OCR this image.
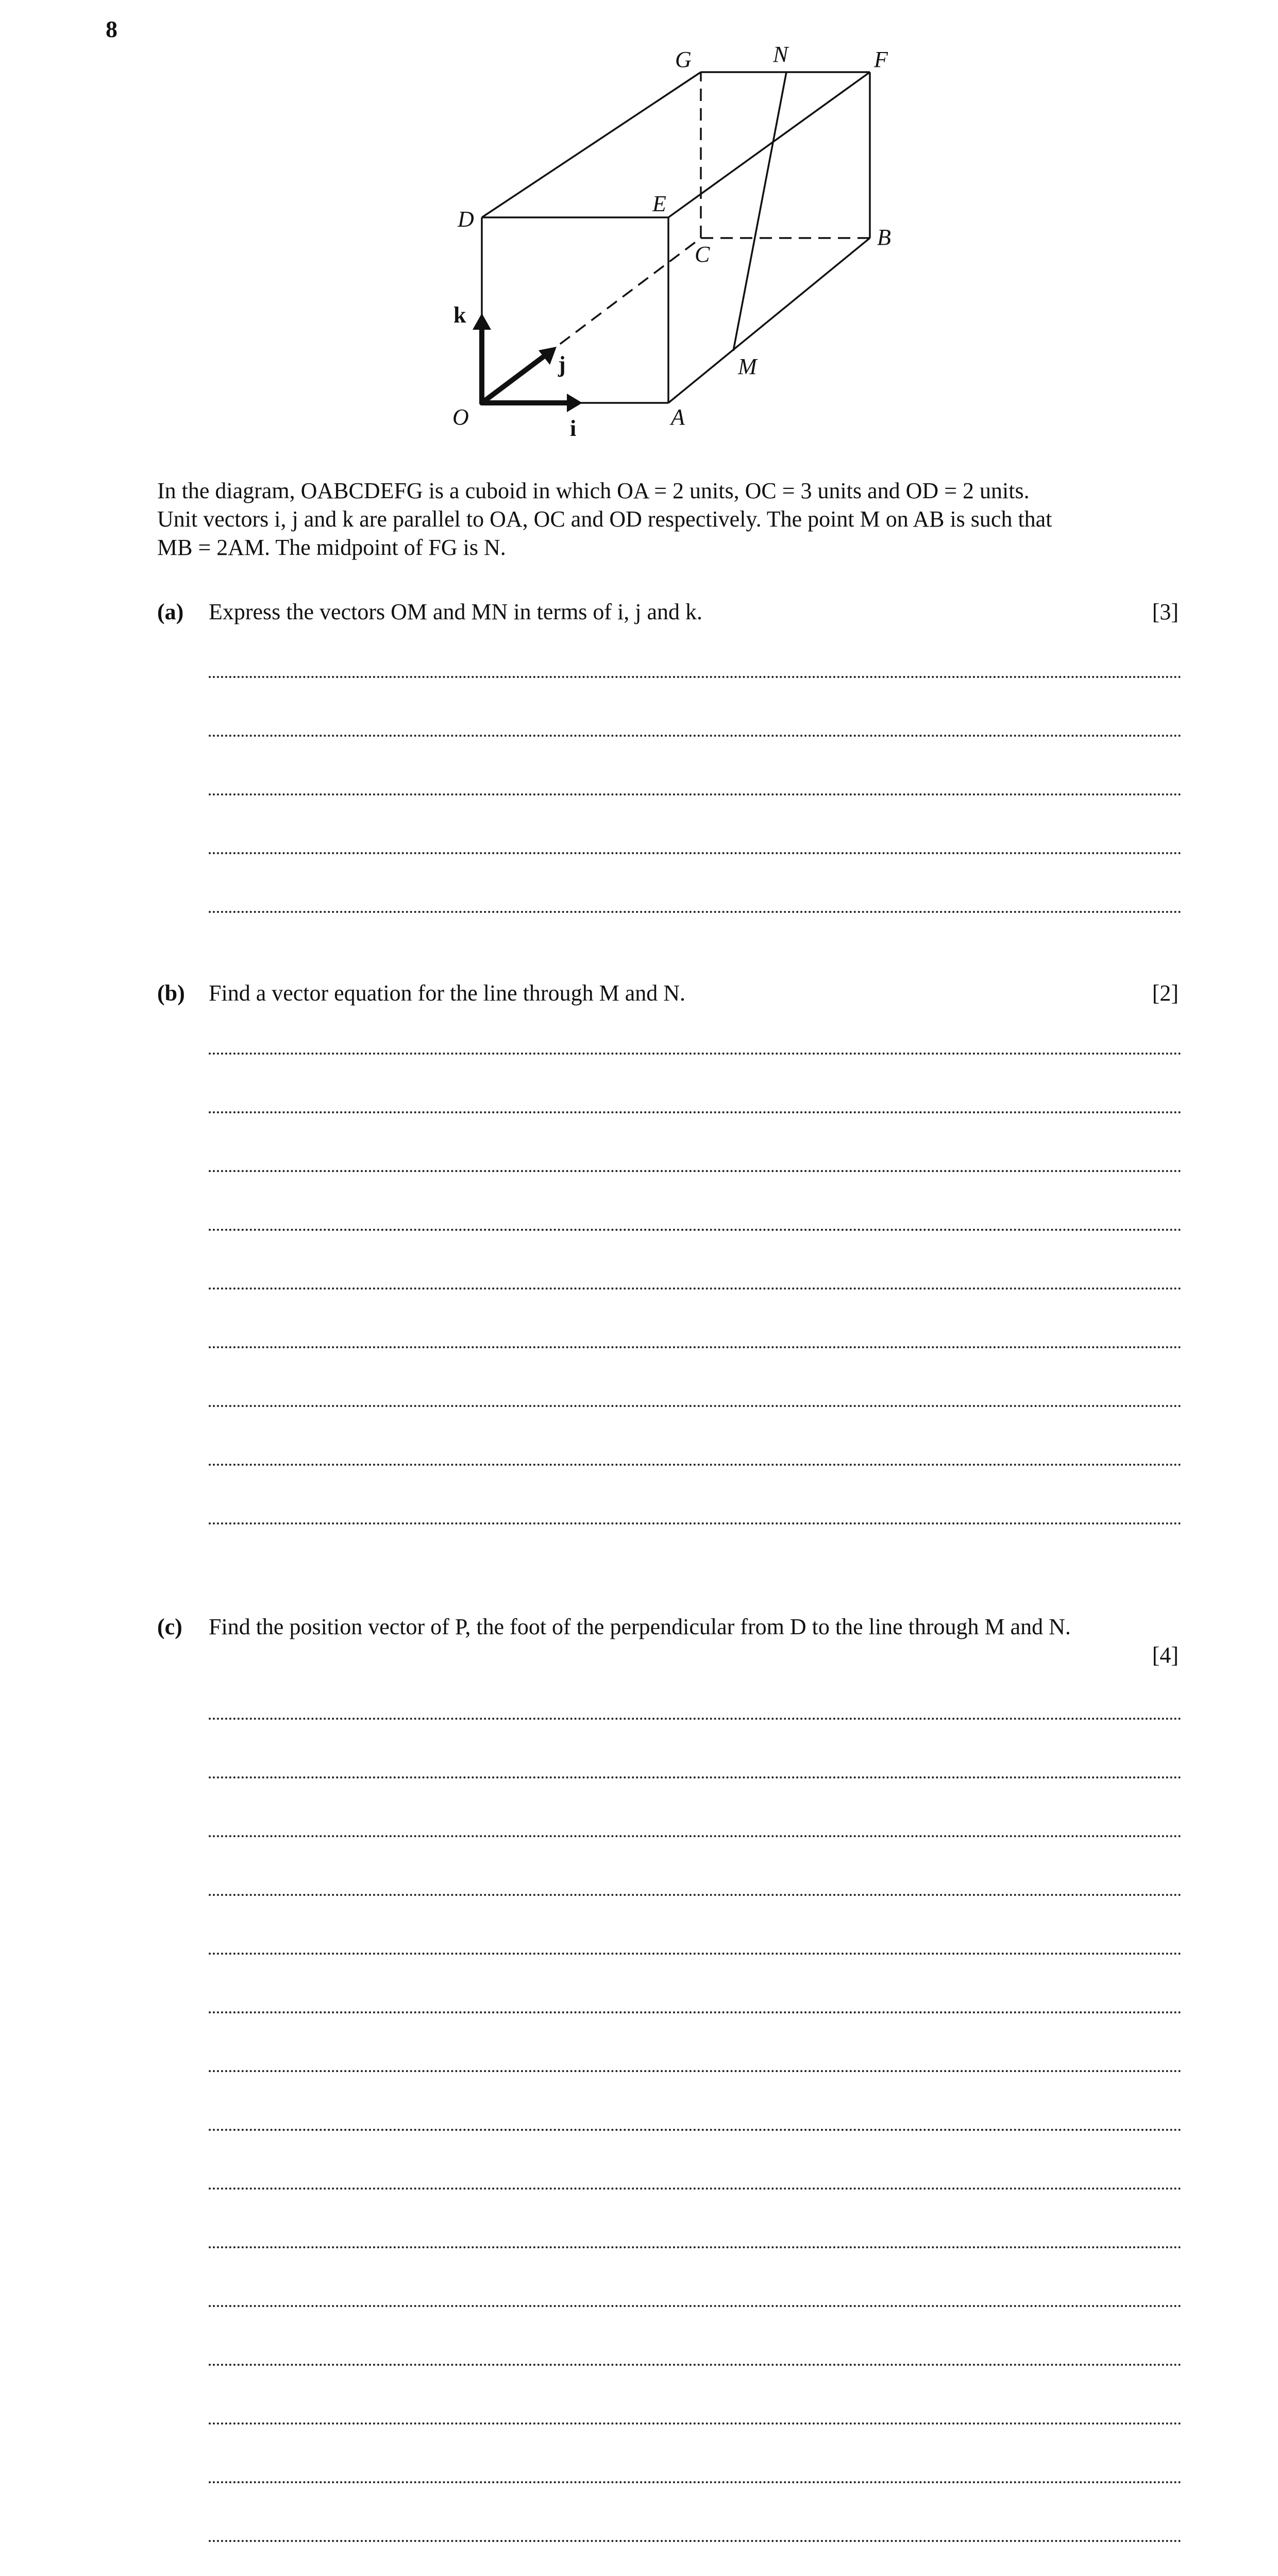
8
O	A
B
C
D
E
F
G
M
N
i
j
k

In the diagram, OABCDEFG is a cuboid in which OA = 2 units, OC = 3 units and OD = 2 units.
Unit vectors i, j and k are parallel to OA, OC and OD respectively. The point M on AB is such that
MB = 2AM. The midpoint of FG is N.

(a) Express the vectors OM and MN in terms of i, j and k.	[3]
(b) Find a vector equation for the line through M and N.	[2]
(c) Find the position vector of P, the foot of the perpendicular from D to the line through M and N.
[4]
